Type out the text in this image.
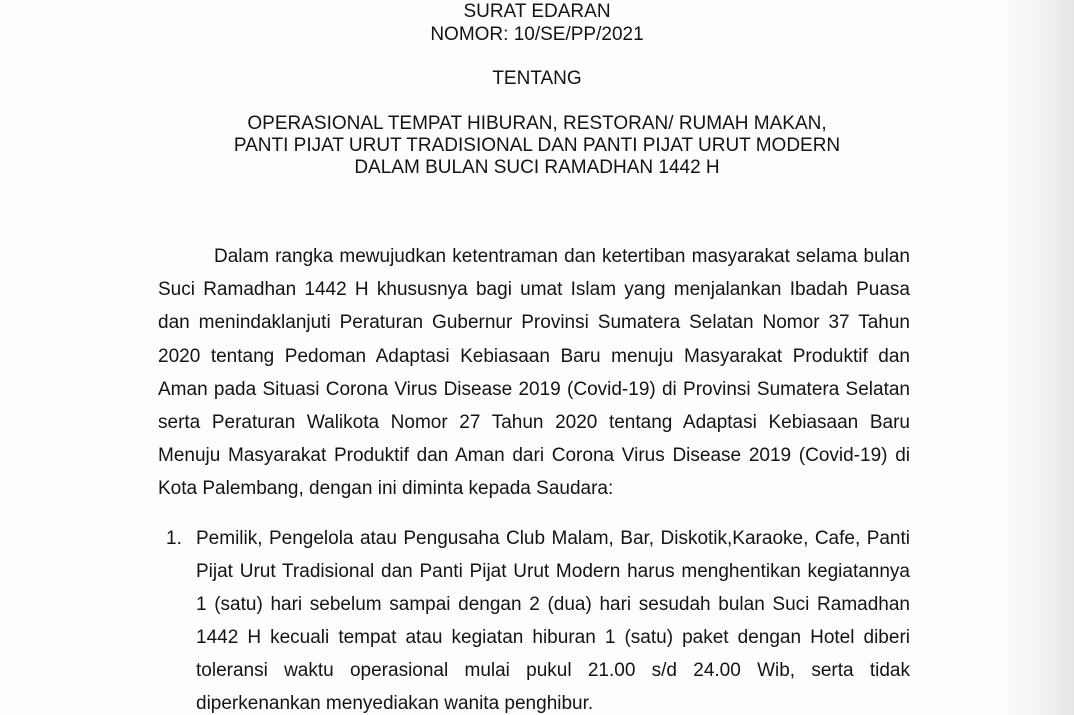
SURAT EDARAN
NOMOR: 10/SE/PP/2021
TENTANG
OPERASIONAL TEMPAT HIBURAN, RESTORAN/ RUMAH MAKAN,
PANTI PIJAT URUT TRADISIONAL DAN PANTI PIJAT URUT MODERN
DALAM BULAN SUCI RAMADHAN 1442 H
Dalam rangka mewujudkan ketentraman dan ketertiban masyarakat selama bulan Suci Ramadhan 1442 H khususnya bagi umat Islam yang menjalankan Ibadah Puasa dan menindaklanjuti Peraturan Gubernur Provinsi Sumatera Selatan Nomor 37 Tahun 2020 tentang Pedoman Adaptasi Kebiasaan Baru menuju Masyarakat Produktif dan Aman pada Situasi Corona Virus Disease 2019 (Covid-19) di Provinsi Sumatera Selatan serta Peraturan Walikota Nomor 27 Tahun 2020 tentang Adaptasi Kebiasaan Baru Menuju Masyarakat Produktif dan Aman dari Corona Virus Disease 2019 (Covid-19) di Kota Palembang, dengan ini diminta kepada Saudara:
1. Pemilik, Pengelola atau Pengusaha Club Malam, Bar, Diskotik,Karaoke, Cafe, Panti Pijat Urut Tradisional dan Panti Pijat Urut Modern harus menghentikan kegiatannya 1 (satu) hari sebelum sampai dengan 2 (dua) hari sesudah bulan Suci Ramadhan 1442 H kecuali tempat atau kegiatan hiburan 1 (satu) paket dengan Hotel diberi toleransi waktu operasional mulai pukul 21.00 s/d 24.00 Wib, serta tidak diperkenankan menyediakan wanita penghibur.
